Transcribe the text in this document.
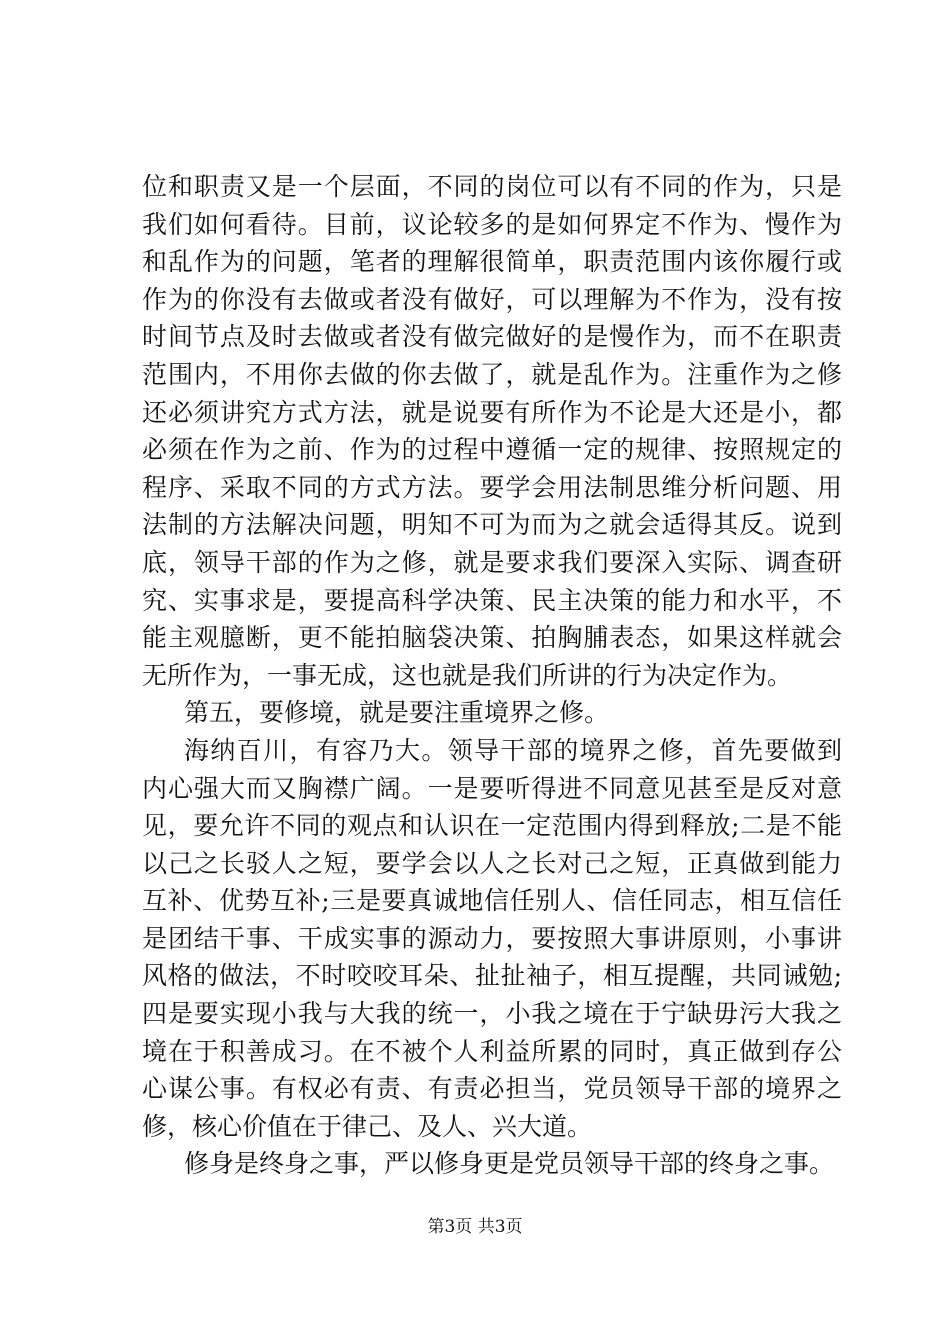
位和职责又是一个层面，不同的岗位可以有不同的作为，只是
我们如何看待。目前，议论较多的是如何界定不作为、慢作为
和乱作为的问题，笔者的理解很简单，职责范围内该你履行或
作为的你没有去做或者没有做好，可以理解为不作为，没有按
时间节点及时去做或者没有做完做好的是慢作为，而不在职责
范围内，不用你去做的你去做了，就是乱作为。注重作为之修
还必须讲究方式方法，就是说要有所作为不论是大还是小，都
必须在作为之前、作为的过程中遵循一定的规律、按照规定的
程序、采取不同的方式方法。要学会用法制思维分析问题、用
法制的方法解决问题，明知不可为而为之就会适得其反。说到
底，领导干部的作为之修，就是要求我们要深入实际、调查研
究、实事求是，要提高科学决策、民主决策的能力和水平，不
能主观臆断，更不能拍脑袋决策、拍胸脯表态，如果这样就会
无所作为，一事无成，这也就是我们所讲的行为决定作为。
第五，要修境，就是要注重境界之修。
海纳百川，有容乃大。领导干部的境界之修，首先要做到
内心强大而又胸襟广阔。一是要听得进不同意见甚至是反对意
见，要允许不同的观点和认识在一定范围内得到释放;二是不能
以己之长驳人之短，要学会以人之长对己之短，正真做到能力
互补、优势互补;三是要真诚地信任别人、信任同志，相互信任
是团结干事、干成实事的源动力，要按照大事讲原则，小事讲
风格的做法，不时咬咬耳朵、扯扯袖子，相互提醒，共同诫勉;
四是要实现小我与大我的统一，小我之境在于宁缺毋污大我之
境在于积善成习。在不被个人利益所累的同时，真正做到存公
心谋公事。有权必有责、有责必担当，党员领导干部的境界之
修，核心价值在于律己、及人、兴大道。
修身是终身之事，严以修身更是党员领导干部的终身之事。
第3页 共3页
